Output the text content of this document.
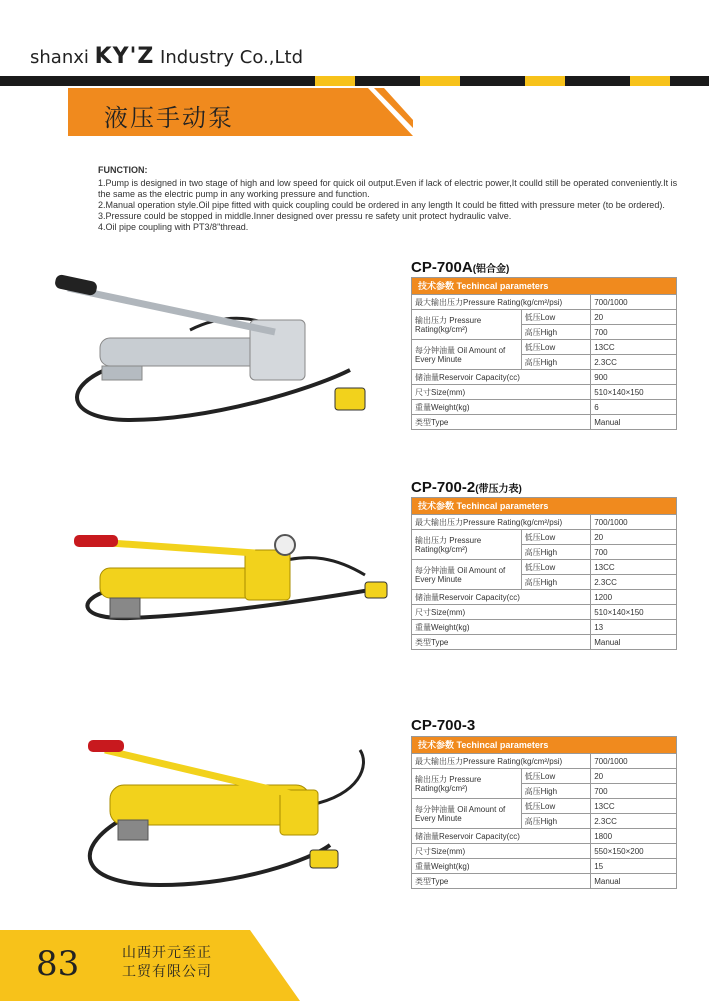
shanxi KY'Z Industry Co.,Ltd
液压手动泵
FUNCTION:
1.Pump is designed in two stage of high and low speed for quick oil output.Even if lack of electric power,It coulld still be operated conveniently.It is the same as the electric pump in any working pressure and function.
2.Manual operation style.Oil pipe fitted with quick coupling could be ordered in any length It could be fitted with pressure meter (to be ordered).
3.Pressure could be stopped in middle.Inner designed over pressu re safety unit protect hydraulic valve.
4.Oil pipe coupling with PT3/8"thread.
CP-700A(铝合金)
技术参数 Techincal parameters		
最大输出压力Pressure Rating(kg/cm²/psi)		700/1000
输出压力 Pressure Rating(kg/cm²)	低压Low	20
	高压High	700
每分钟油量 Oil Amount of Every Minute	低压Low	13CC
	高压High	2.3CC
储油量Reservoir Capacity(cc)		900
尺寸Size(mm)		510×140×150
重量Weight(kg)		6
类型Type		Manual
CP-700-2(带压力表)
技术参数 Techincal parameters		
最大输出压力Pressure Rating(kg/cm²/psi)		700/1000
输出压力 Pressure Rating(kg/cm²)	低压Low	20
	高压High	700
每分钟油量 Oil Amount of Every Minute	低压Low	13CC
	高压High	2.3CC
储油量Reservoir Capacity(cc)		1200
尺寸Size(mm)		510×140×150
重量Weight(kg)		13
类型Type		Manual
CP-700-3
技术参数 Techincal parameters		
最大输出压力Pressure Rating(kg/cm²/psi)		700/1000
输出压力 Pressure Rating(kg/cm²)	低压Low	20
	高压High	700
每分钟油量 Oil Amount of Every Minute	低压Low	13CC
	高压High	2.3CC
储油量Reservoir Capacity(cc)		1800
尺寸Size(mm)		550×150×200
重量Weight(kg)		15
类型Type		Manual
83	山西开元至正
工贸有限公司
